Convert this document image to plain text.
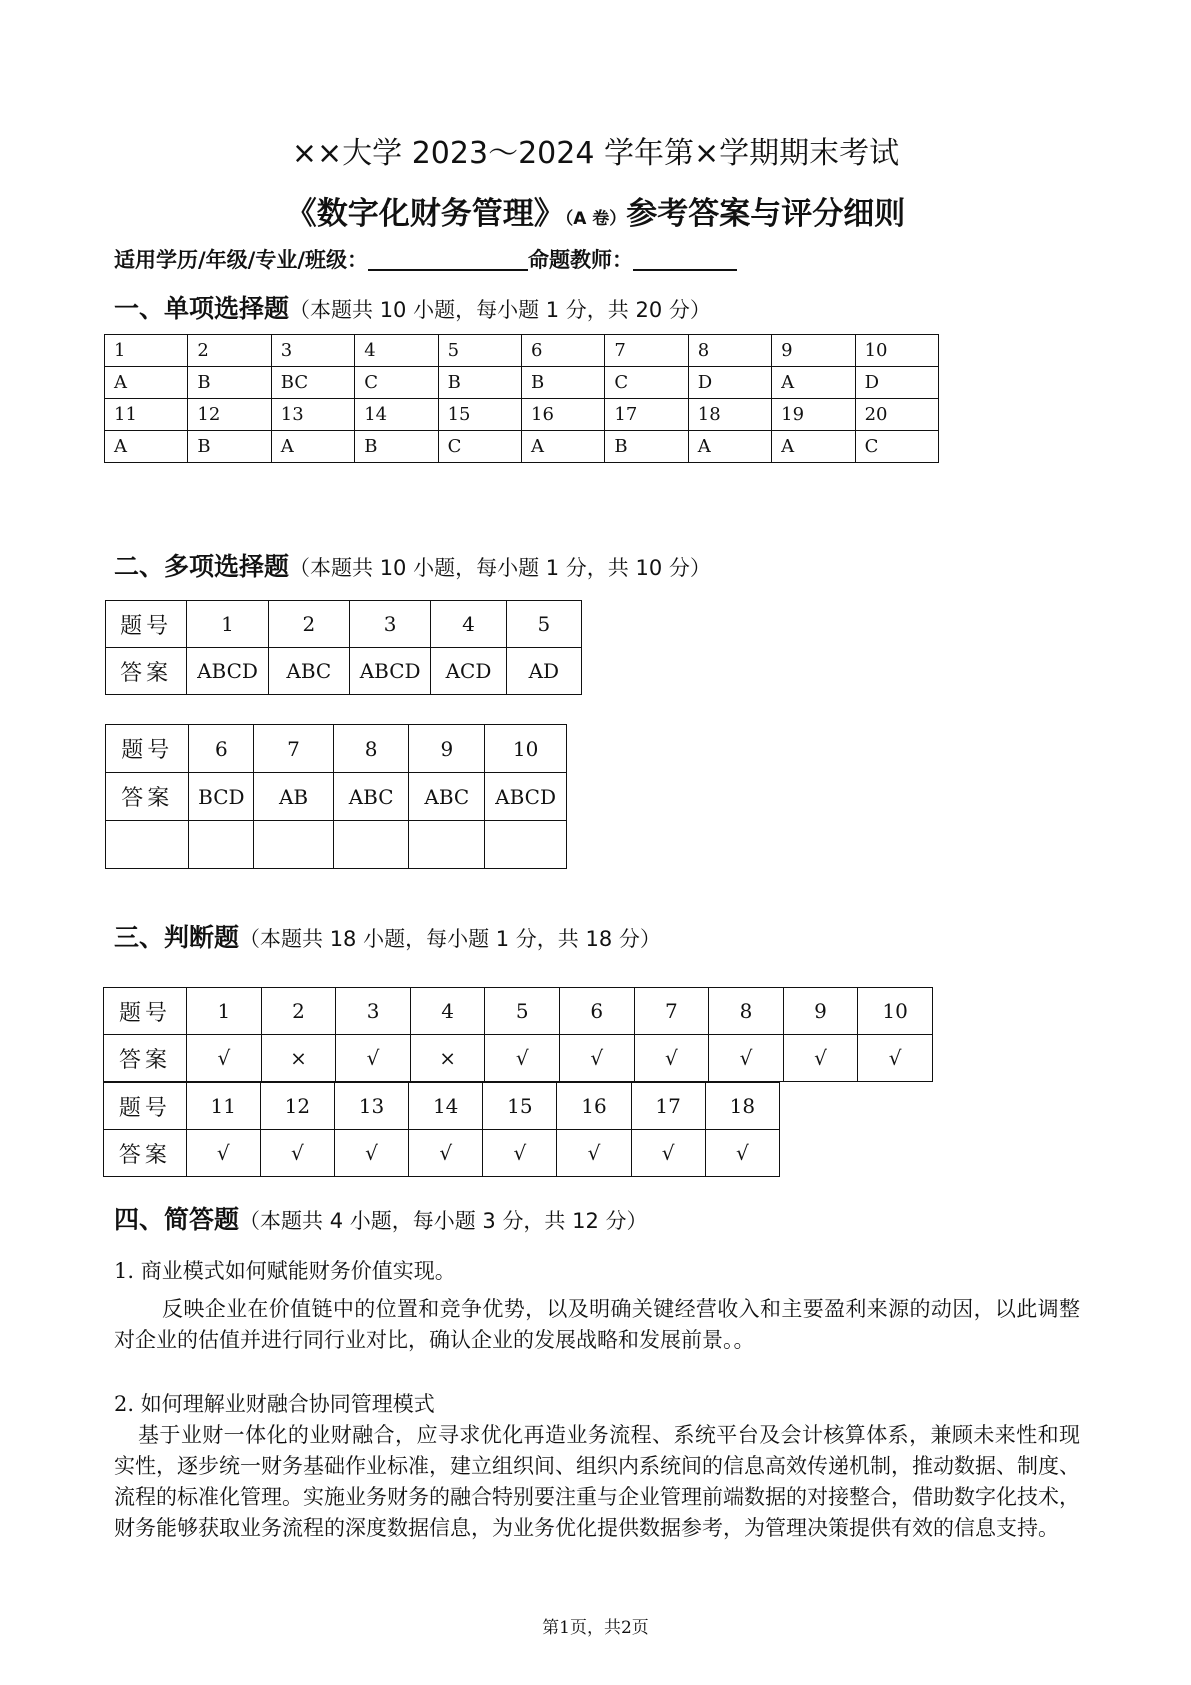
××大学 2023～2024 学年第×学期期末考试
《数字化财务管理》（A 卷）参考答案与评分细则
适用学历/年级/专业/班级：	命题教师：
一、单项选择题（本题共 10 小题，每小题 1 分，共 20 分）
1	2	3	4	5	6	7	8	9	10
A	B	BC	C	B	B	C	D	A	D
11	12	13	14	15	16	17	18	19	20
A	B	A	B	C	A	B	A	A	C
二、多项选择题（本题共 10 小题，每小题 1 分，共 10 分）
题号	1	2	3	4	5
答案	ABCD	ABC	ABCD	ACD	AD
题号	6	7	8	9	10
答案	BCD	AB	ABC	ABC	ABCD

三、判断题（本题共 18 小题，每小题 1 分，共 18 分）
题号	1	2	3	4	5	6	7	8	9	10
答案	√	×	√	×	√	√	√	√	√	√
题号	11	12	13	14	15	16	17	18
答案	√	√	√	√	√	√	√	√
四、简答题（本题共 4 小题，每小题 3 分，共 12 分）
1. 商业模式如何赋能财务价值实现。
反映企业在价值链中的位置和竞争优势，以及明确关键经营收入和主要盈利来源的动因，以此调整对企业的估值并进行同行业对比，确认企业的发展战略和发展前景。。
2. 如何理解业财融合协同管理模式
基于业财一体化的业财融合，应寻求优化再造业务流程、系统平台及会计核算体系，兼顾未来性和现实性，逐步统一财务基础作业标准，建立组织间、组织内系统间的信息高效传递机制，推动数据、制度、流程的标准化管理。实施业务财务的融合特别要注重与企业管理前端数据的对接整合，借助数字化技术，财务能够获取业务流程的深度数据信息，为业务优化提供数据参考，为管理决策提供有效的信息支持。
第1页，共2页
